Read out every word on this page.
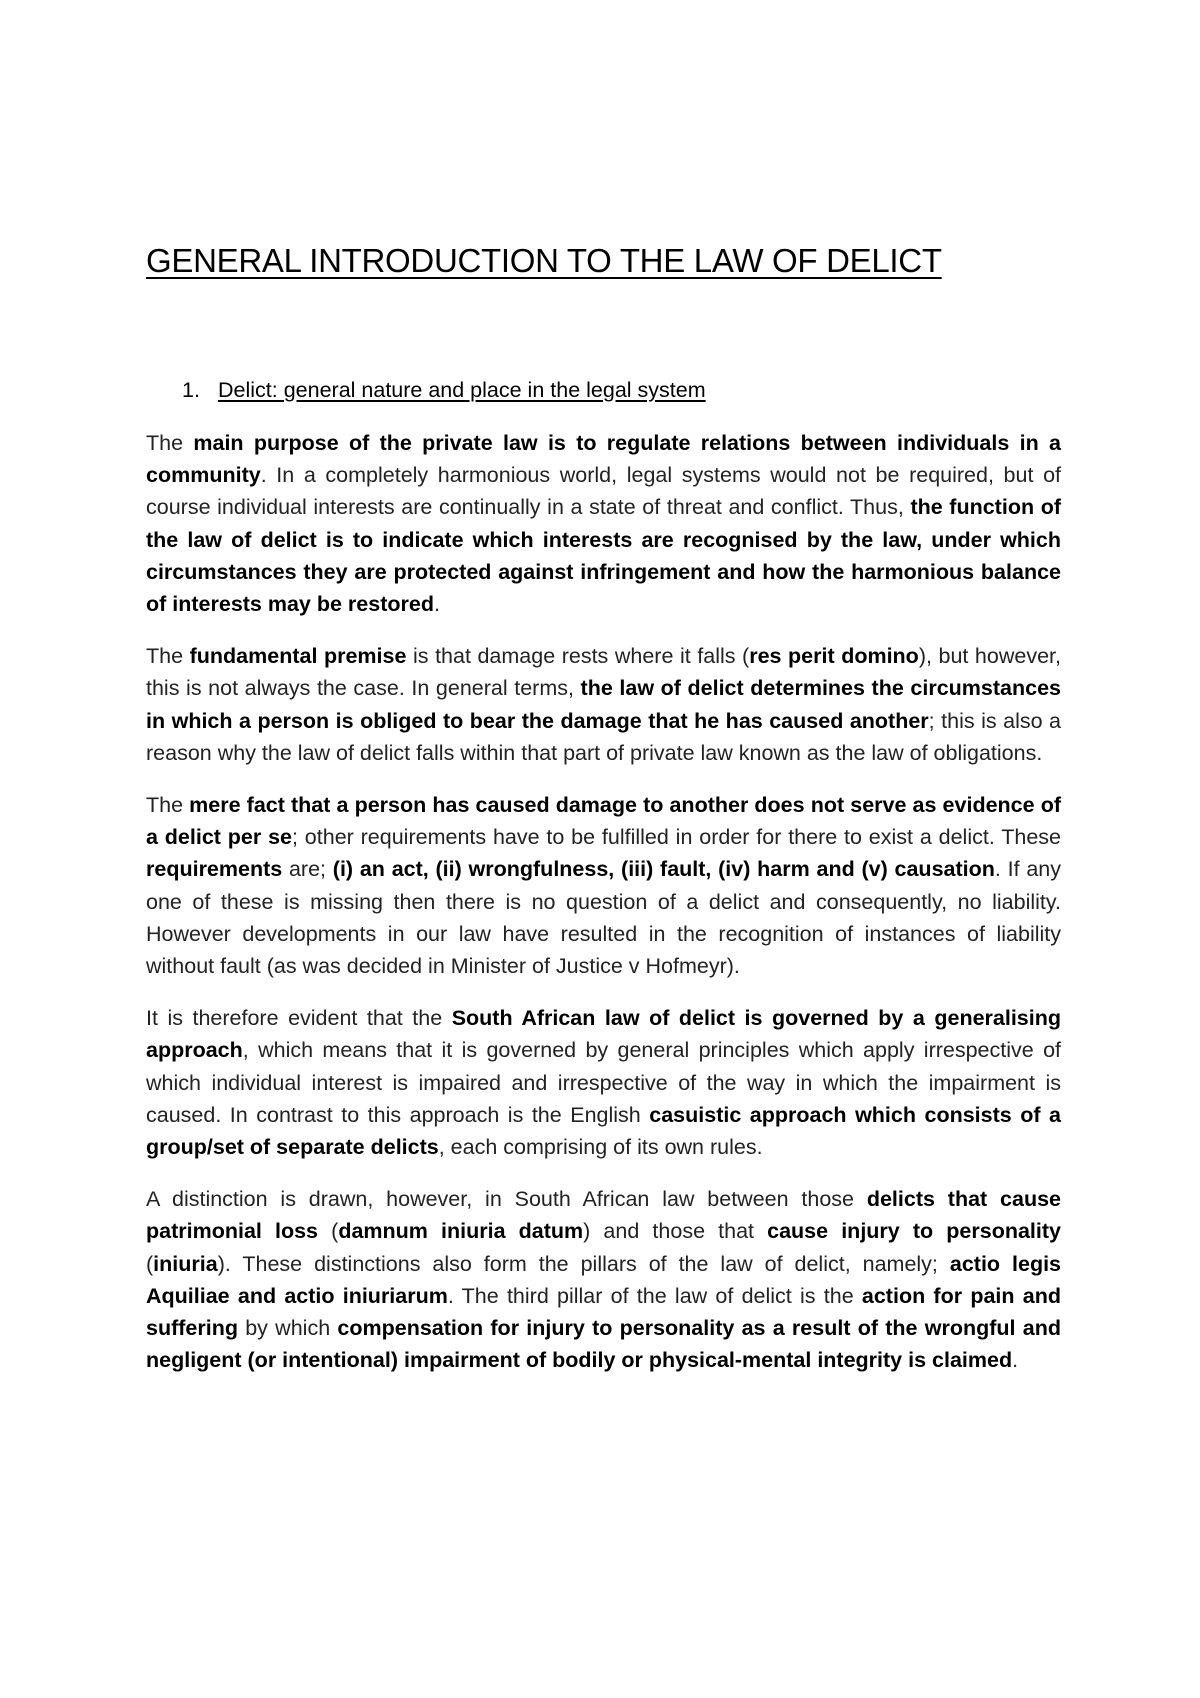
GENERAL INTRODUCTION TO THE LAW OF DELICT
1. Delict: general nature and place in the legal system

The main purpose of the private law is to regulate relations between individuals in a community. In a completely harmonious world, legal systems would not be required, but of course individual interests are continually in a state of threat and conflict. Thus, the function of the law of delict is to indicate which interests are recognised by the law, under which circumstances they are protected against infringement and how the harmonious balance of interests may be restored.

The fundamental premise is that damage rests where it falls (res perit domino), but however, this is not always the case. In general terms, the law of delict determines the circumstances in which a person is obliged to bear the damage that he has caused another; this is also a reason why the law of delict falls within that part of private law known as the law of obligations.

The mere fact that a person has caused damage to another does not serve as evidence of a delict per se; other requirements have to be fulfilled in order for there to exist a delict. These requirements are; (i) an act, (ii) wrongfulness, (iii) fault, (iv) harm and (v) causation. If any one of these is missing then there is no question of a delict and consequently, no liability. However developments in our law have resulted in the recognition of instances of liability without fault (as was decided in Minister of Justice v Hofmeyr).

It is therefore evident that the South African law of delict is governed by a generalising approach, which means that it is governed by general principles which apply irrespective of which individual interest is impaired and irrespective of the way in which the impairment is caused. In contrast to this approach is the English casuistic approach which consists of a group/set of separate delicts, each comprising of its own rules.

A distinction is drawn, however, in South African law between those delicts that cause patrimonial loss (damnum iniuria datum) and those that cause injury to personality (iniuria). These distinctions also form the pillars of the law of delict, namely; actio legis Aquiliae and actio iniuriarum. The third pillar of the law of delict is the action for pain and suffering by which compensation for injury to personality as a result of the wrongful and negligent (or intentional) impairment of bodily or physical-mental integrity is claimed.
